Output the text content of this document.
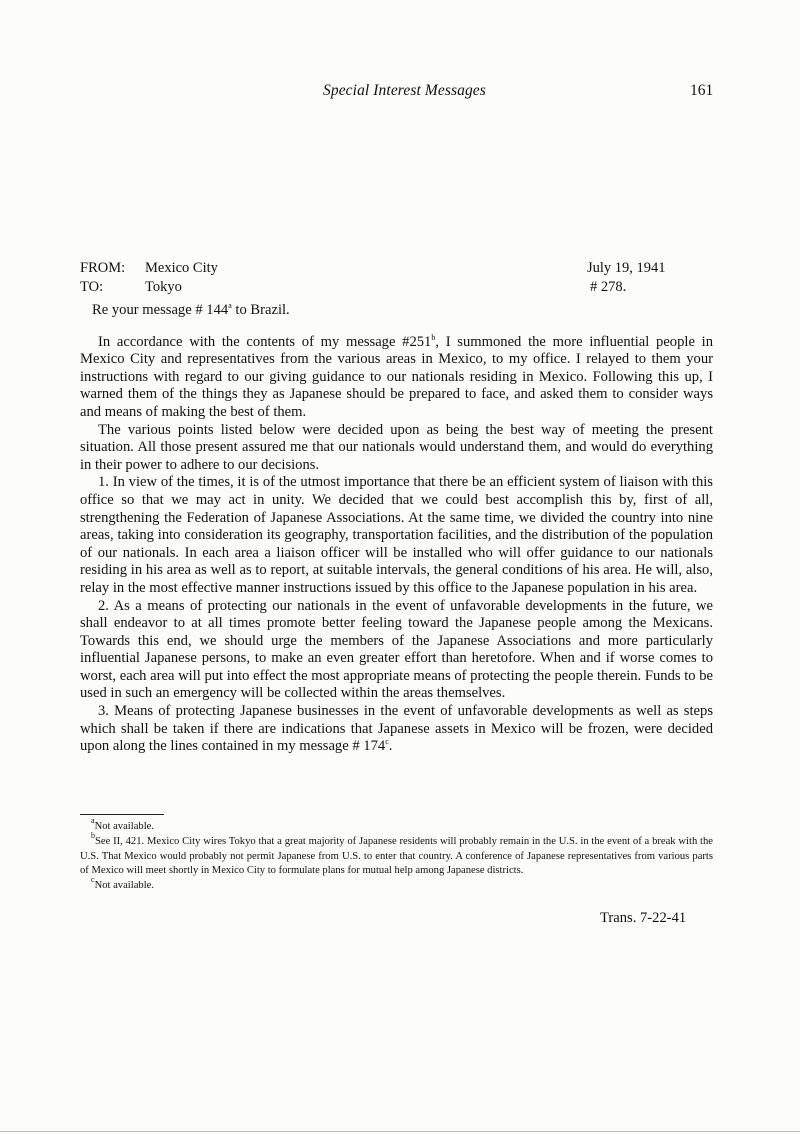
Special Interest Messages	161
FROM: Mexico City	July 19, 1941
TO:	Tokyo	# 278.

Re your message # 144$^a$ to Brazil.

In accordance with the contents of my message #251$^b$, I summoned the more influential people in Mexico City and representatives from the various areas in Mexico, to my office. I relayed to them your instructions with regard to our giving guidance to our nationals residing in Mexico. Following this up, I warned them of the things they as Japanese should be prepared to face, and asked them to consider ways and means of making the best of them.

The various points listed below were decided upon as being the best way of meeting the present situation. All those present assured me that our nationals would understand them, and would do everything in their power to adhere to our decisions.

1. In view of the times, it is of the utmost importance that there be an efficient system of liaison with this office so that we may act in unity. We decided that we could best accomplish this by, first of all, strengthening the Federation of Japanese Associations. At the same time, we divided the country into nine areas, taking into consideration its geography, transportation facilities, and the distribution of the population of our nationals. In each area a liaison officer will be installed who will offer guidance to our nationals residing in his area as well as to report, at suitable intervals, the general conditions of his area. He will, also, relay in the most effective manner instructions issued by this office to the Japanese population in his area.

2. As a means of protecting our nationals in the event of unfavorable developments in the future, we shall endeavor to at all times promote better feeling toward the Japanese people among the Mexicans. Towards this end, we should urge the members of the Japanese Associations and more particularly influential Japanese persons, to make an even greater effort than heretofore. When and if worse comes to worst, each area will put into effect the most appropriate means of protecting the people therein. Funds to be used in such an emergency will be collected within the areas themselves.

3. Means of protecting Japanese businesses in the event of unfavorable developments as well as steps which shall be taken if there are indications that Japanese assets in Mexico will be frozen, were decided upon along the lines contained in my message # 174$^c$.

$^a$Not available.

$^b$See II, 421. Mexico City wires Tokyo that a great majority of Japanese residents will probably remain in the U.S. in the event of a break with the U.S. That Mexico would probably not permit Japanese from U.S. to enter that country. A conference of Japanese representatives from various parts of Mexico will meet shortly in Mexico City to formulate plans for mutual help among Japanese districts.

$^c$Not available.

Trans. 7-22-41
